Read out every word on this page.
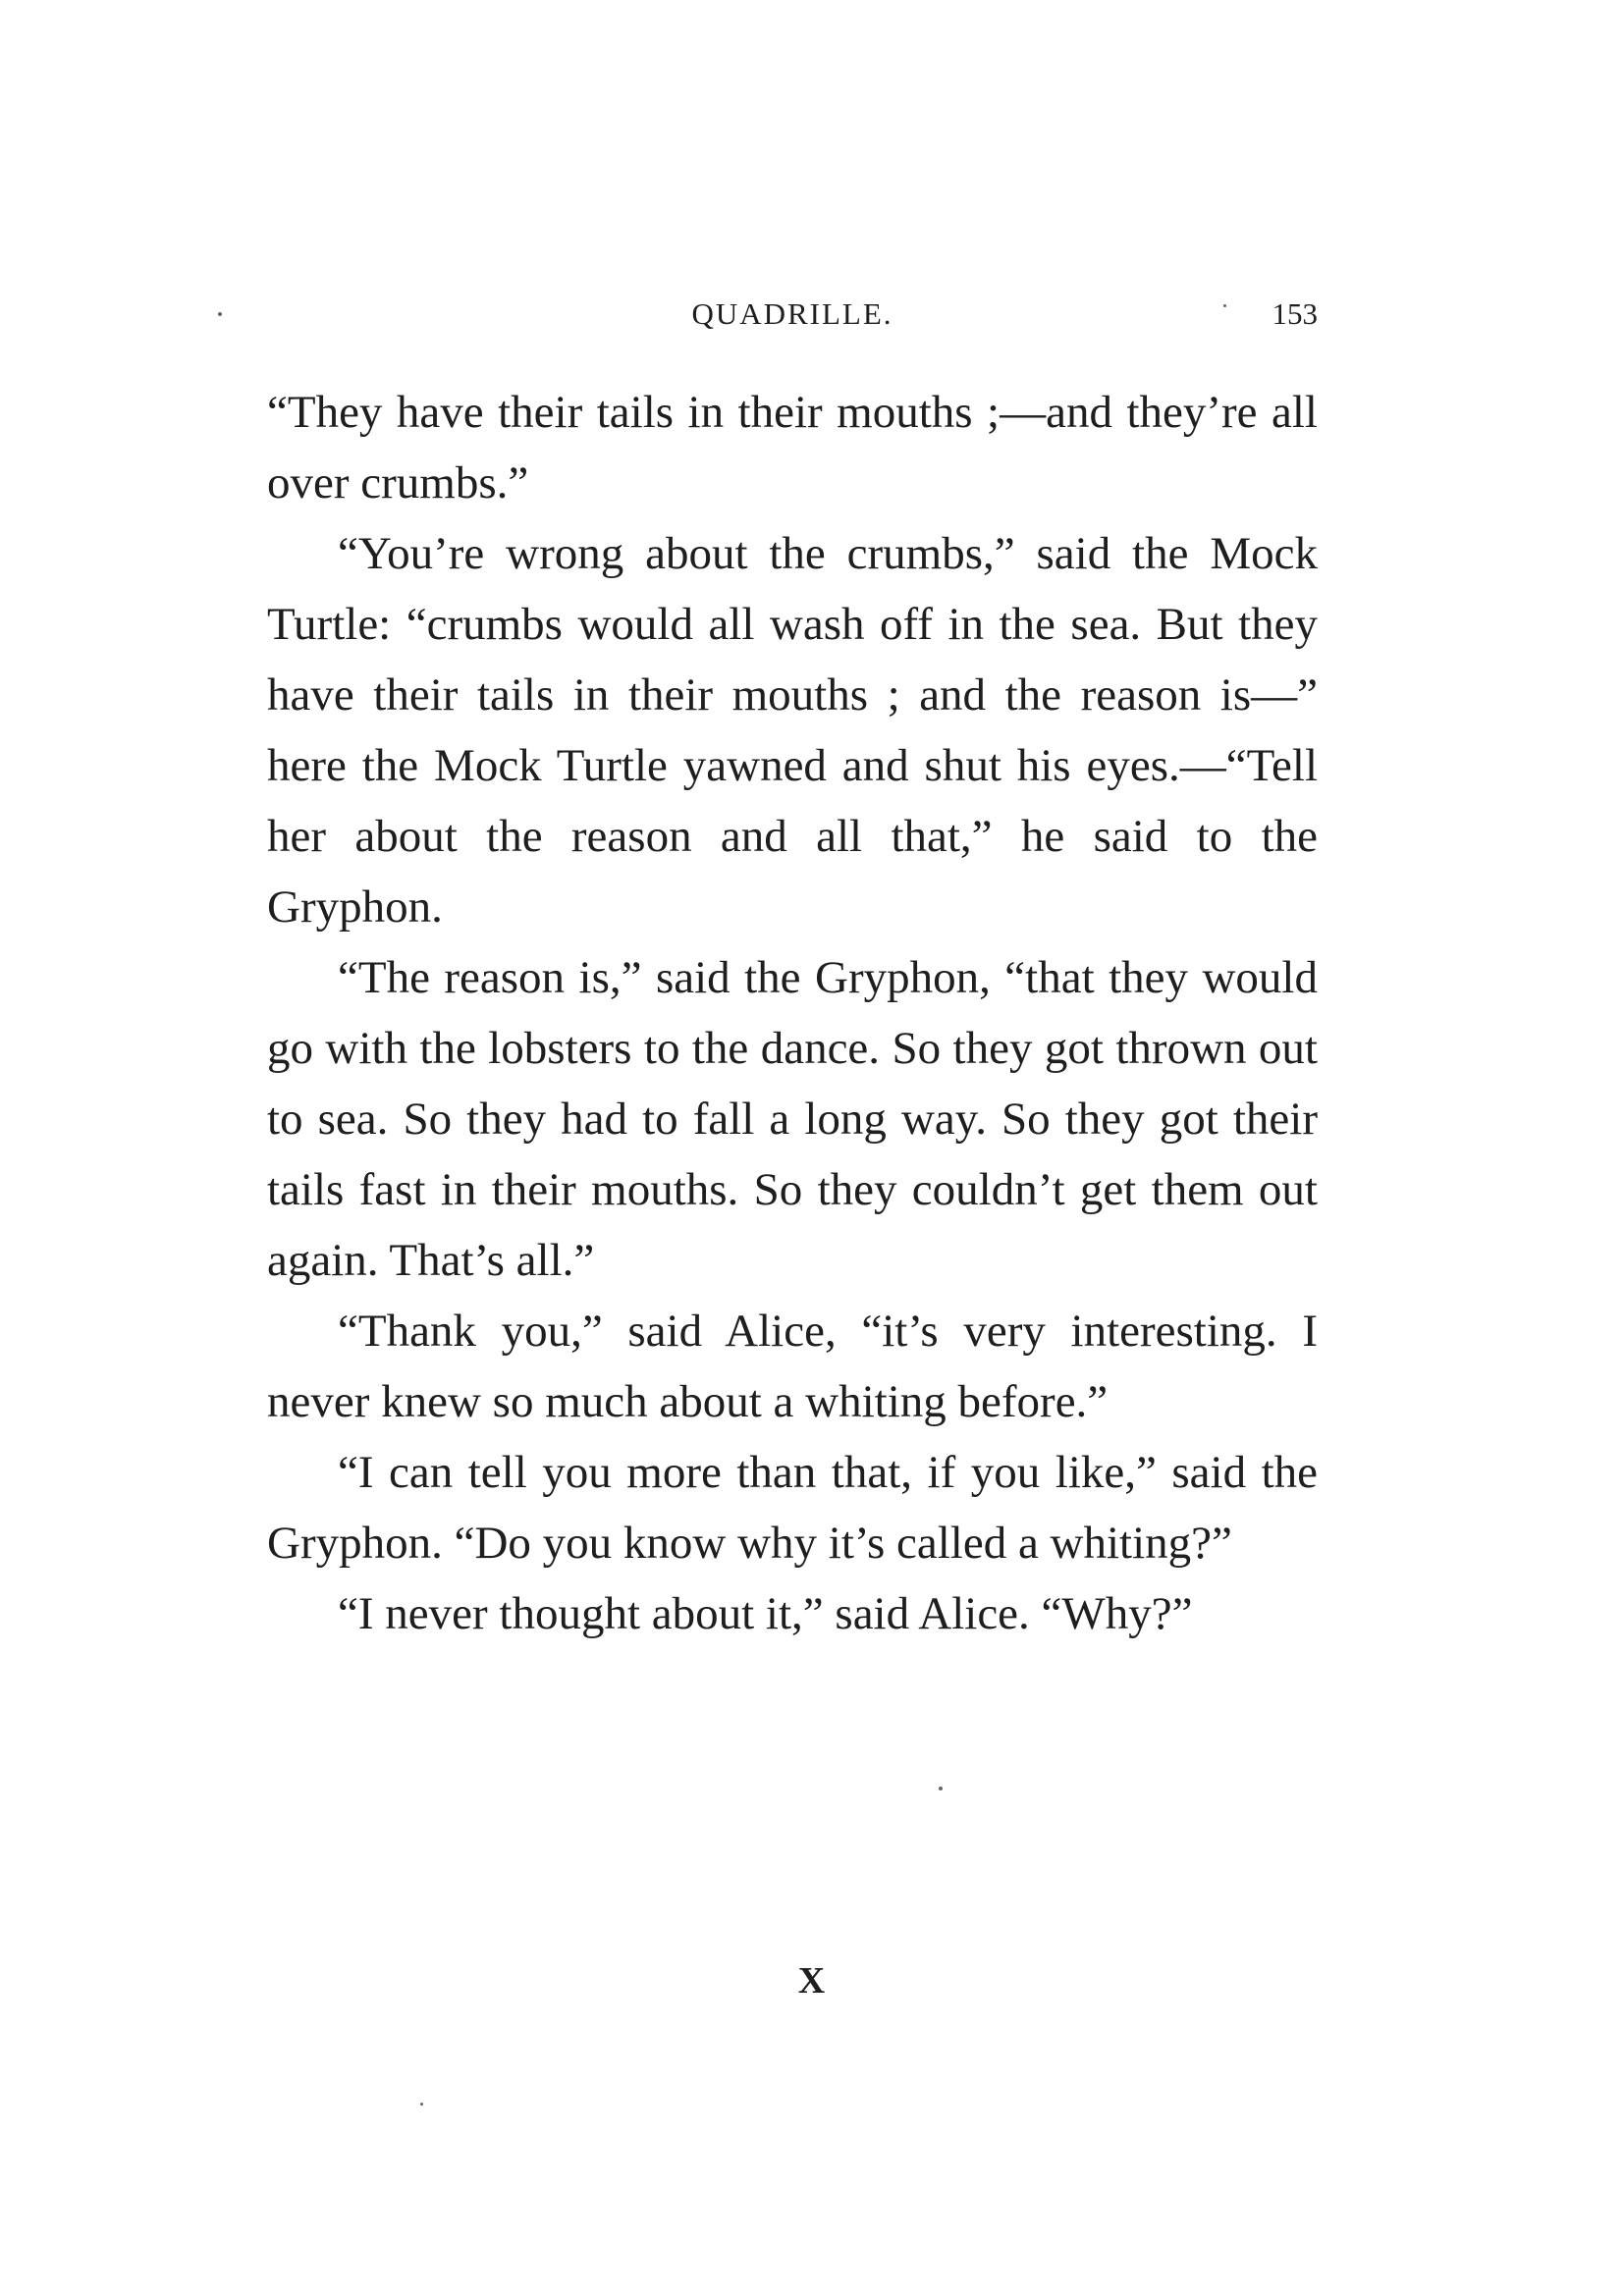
QUADRILLE.	153

“They have their tails in their mouths ;—and they’re all over crumbs.”

“You’re wrong about the crumbs,” said the Mock Turtle: “crumbs would all wash off in the sea. But they have their tails in their mouths ; and the reason is—” here the Mock Turtle yawned and shut his eyes.—“Tell her about the reason and all that,” he said to the Gryphon.

“The reason is,” said the Gryphon, “that they would go with the lobsters to the dance. So they got thrown out to sea. So they had to fall a long way. So they got their tails fast in their mouths. So they couldn’t get them out again. That’s all.”

“Thank you,” said Alice, “it’s very interesting. I never knew so much about a whiting before.”

“I can tell you more than that, if you like,” said the Gryphon. “Do you know why it’s called a whiting?”

“I never thought about it,” said Alice. “Why?”

X
